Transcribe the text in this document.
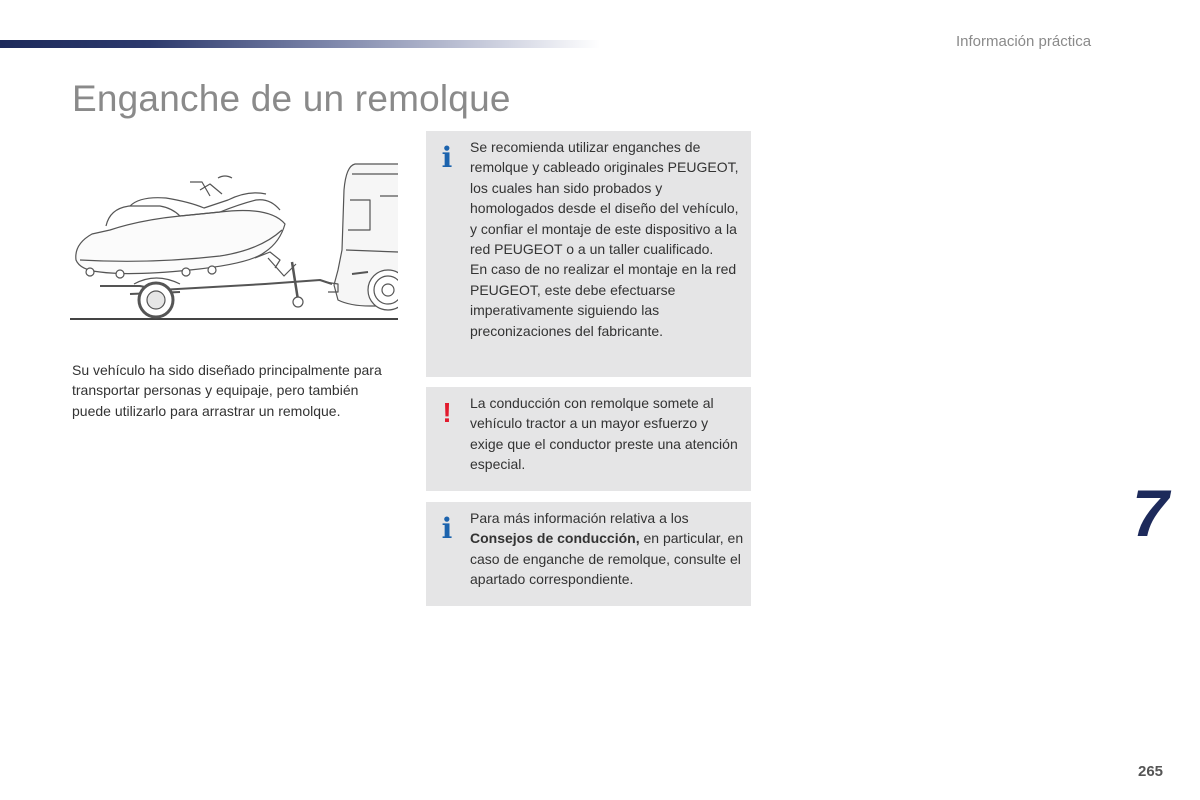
Información práctica
Enganche de un remolque
Su vehículo ha sido diseñado principalmente para transportar personas y equipaje, pero también puede utilizarlo para arrastrar un remolque.
i Se recomienda utilizar enganches de remolque y cableado originales PEUGEOT, los cuales han sido probados y homologados desde el diseño del vehículo, y confiar el montaje de este dispositivo a la red PEUGEOT o a un taller cualificado.

En caso de no realizar el montaje en la red PEUGEOT, este debe efectuarse imperativamente siguiendo las preconizaciones del fabricante.

! La conducción con remolque somete al vehículo tractor a un mayor esfuerzo y exige que el conductor preste una atención especial.

i Para más información relativa a los Consejos de conducción, en particular, en caso de enganche de remolque, consulte el apartado correspondiente.

7
265
